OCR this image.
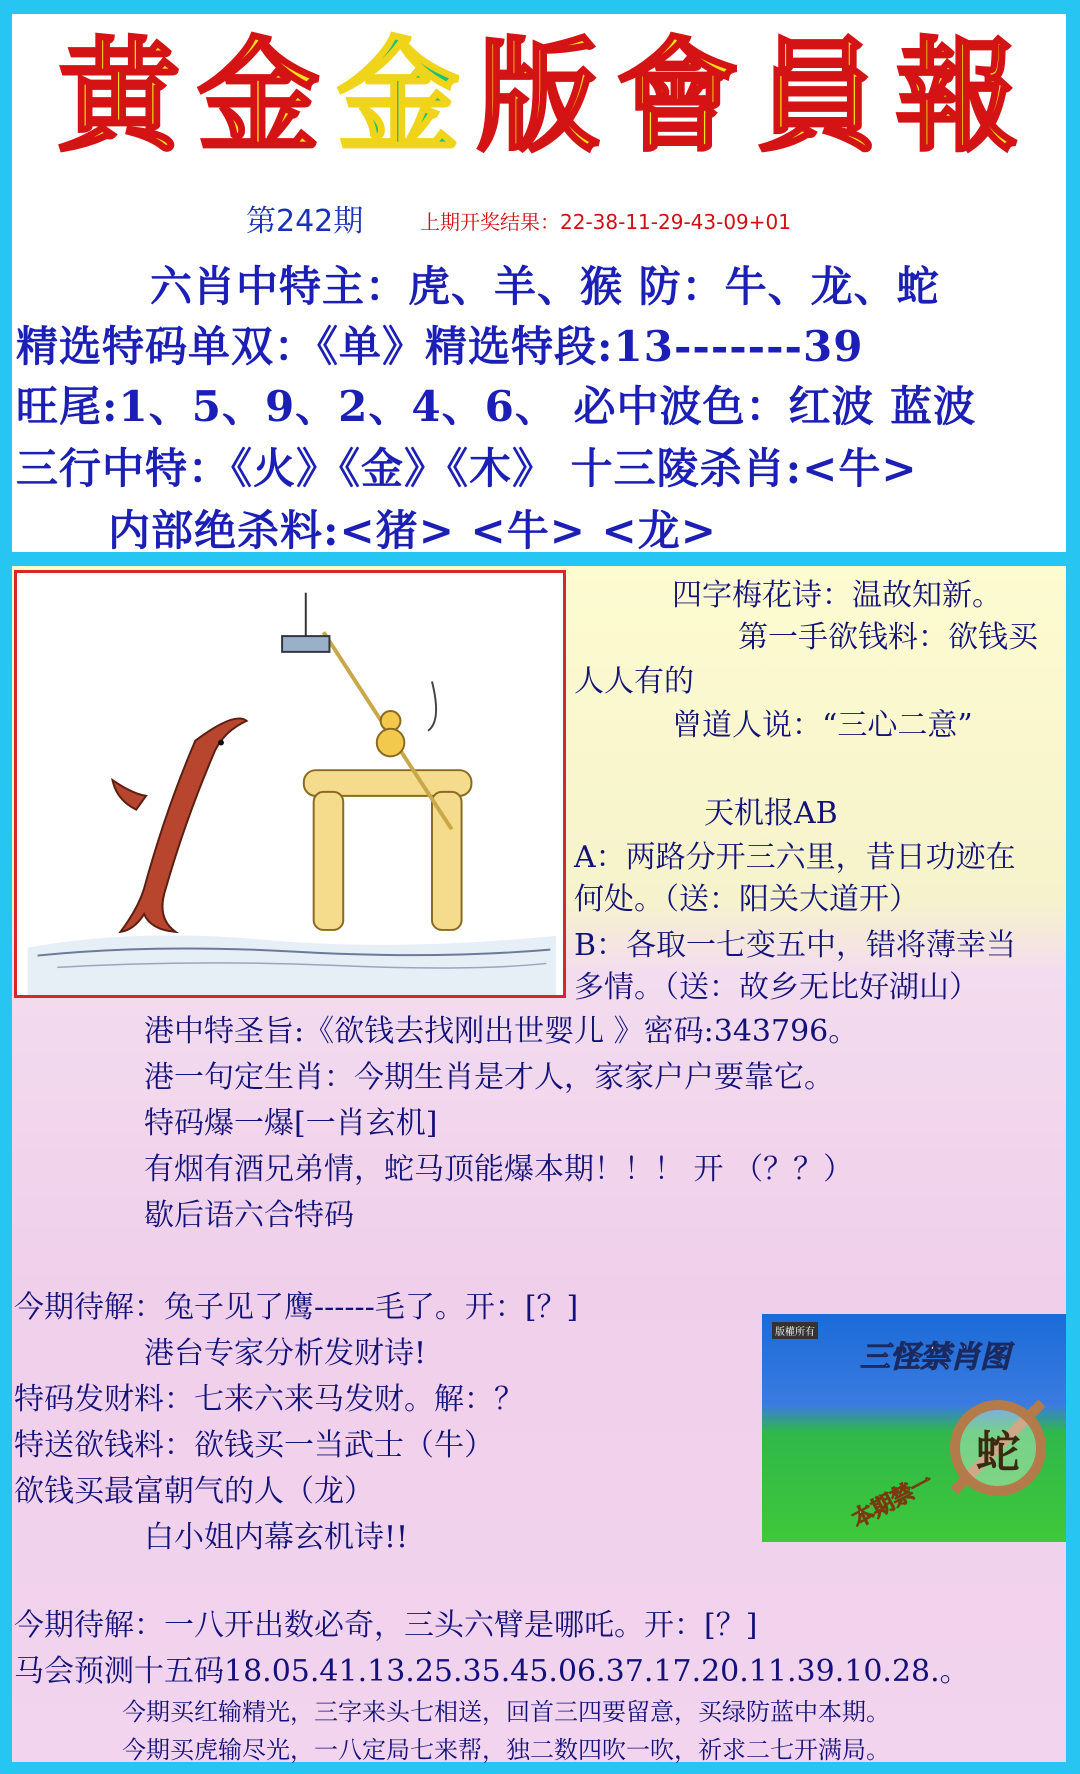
黄 金 金 版 會 員 報
第242期	上期开奖结果：22-38-11-29-43-09+01
六肖中特主：虎、羊、猴 防：牛、龙、蛇
精选特码单双：《单》精选特段:13-------39
旺尾:1、5、9、2、4、6、 必中波色：红波 蓝波
三行中特：《火》《金》《木》 十三陵杀肖:<牛>
内部绝杀料:<猪> <牛> <龙>
四字梅花诗：温故知新。
第一手欲钱料：欲钱买
人人有的
曾道人说：“三心二意”
天机报AB
A：两路分开三六里，昔日功迹在
何处。（送：阳关大道开）
B：各取一七变五中，错将薄幸当
多情。（送：故乡无比好湖山）
港中特圣旨:《欲钱去找刚出世婴儿 》密码:343796。
港一句定生肖：今期生肖是才人，家家户户要靠它。
特码爆一爆[一肖玄机]
有烟有酒兄弟情，蛇马顶能爆本期！！！ 开 （？？）
歇后语六合特码
今期待解：兔子见了鹰------毛了。开：[？]
港台专家分析发财诗!
特码发财料：七来六来马发财。解：？
特送欲钱料：欲钱买一当武士（牛）
欲钱买最富朝气的人（龙）
白小姐内幕玄机诗!!
版權所有
三怪禁肖图
蛇
本期禁一
今期待解：一八开出数必奇，三头六臂是哪吒。开：[？]
马会预测十五码18.05.41.13.25.35.45.06.37.17.20.11.39.10.28.。
今期买红输精光，三字来头七相送，回首三四要留意，买绿防蓝中本期。
今期买虎输尽光，一八定局七来帮，独二数四吹一吹，祈求二七开满局。
